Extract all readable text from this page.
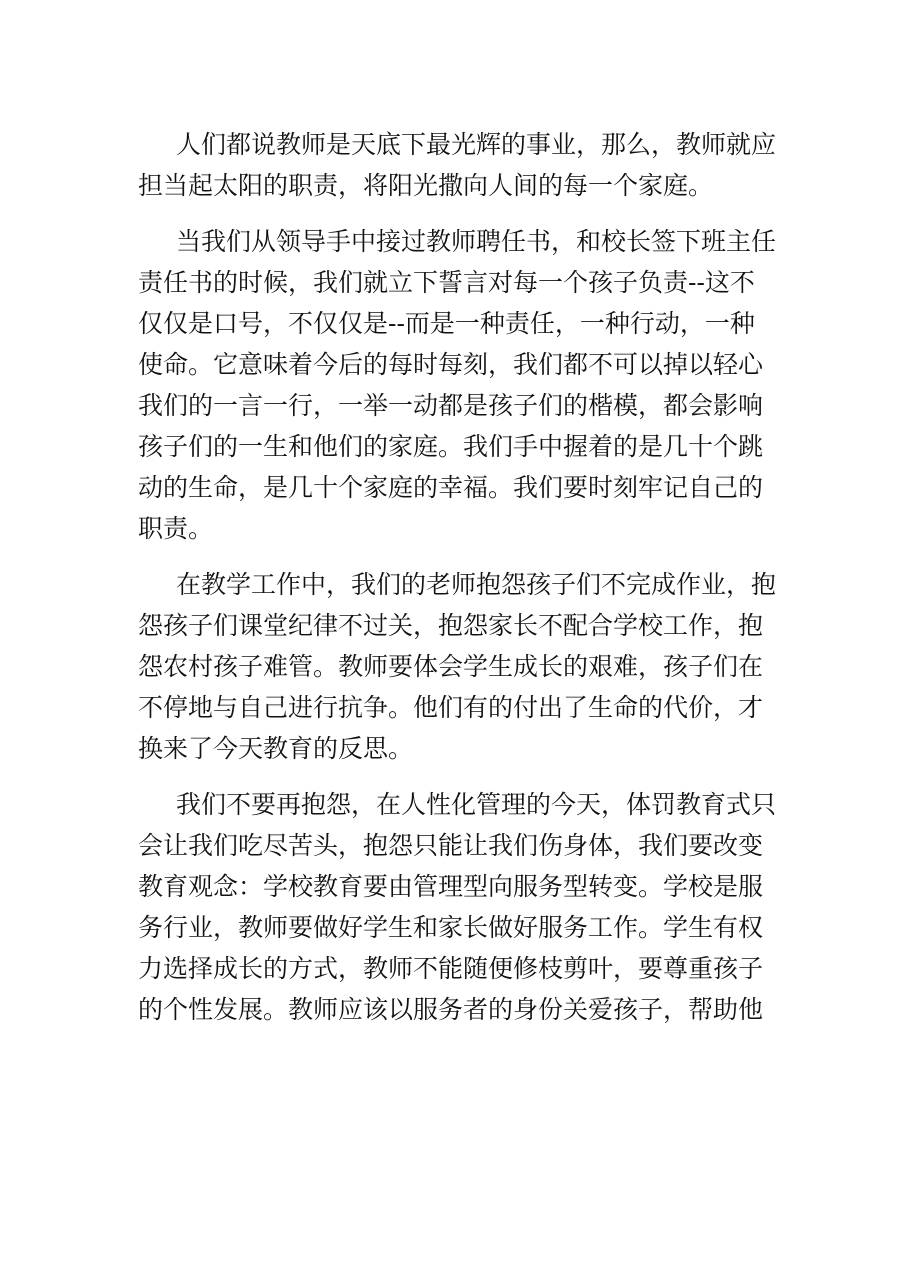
人们都说教师是天底下最光辉的事业，那么，教师就应
担当起太阳的职责，将阳光撒向人间的每一个家庭。

当我们从领导手中接过教师聘任书，和校长签下班主任
责任书的时候，我们就立下誓言对每一个孩子负责--这不
仅仅是口号，不仅仅是--而是一种责任，一种行动，一种
使命。它意味着今后的每时每刻，我们都不可以掉以轻心
我们的一言一行，一举一动都是孩子们的楷模，都会影响
孩子们的一生和他们的家庭。我们手中握着的是几十个跳
动的生命，是几十个家庭的幸福。我们要时刻牢记自己的
职责。

在教学工作中，我们的老师抱怨孩子们不完成作业，抱
怨孩子们课堂纪律不过关，抱怨家长不配合学校工作，抱
怨农村孩子难管。教师要体会学生成长的艰难，孩子们在
不停地与自己进行抗争。他们有的付出了生命的代价，才
换来了今天教育的反思。

我们不要再抱怨，在人性化管理的今天，体罚教育式只
会让我们吃尽苦头，抱怨只能让我们伤身体，我们要改变
教育观念：学校教育要由管理型向服务型转变。学校是服
务行业，教师要做好学生和家长做好服务工作。学生有权
力选择成长的方式，教师不能随便修枝剪叶，要尊重孩子
的个性发展。教师应该以服务者的身份关爱孩子，帮助他
